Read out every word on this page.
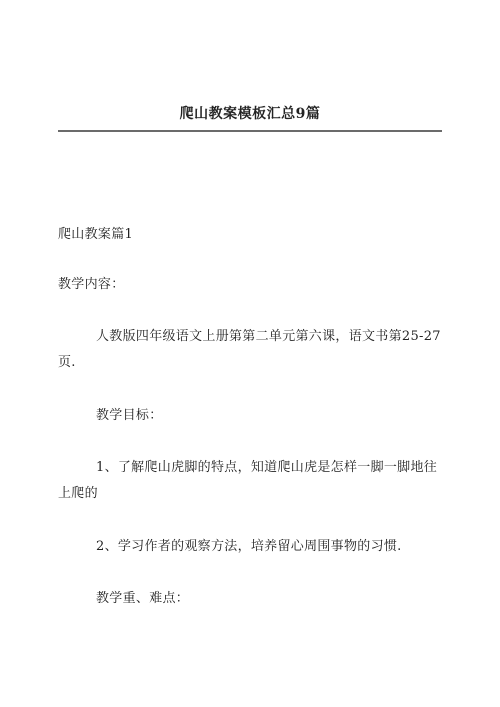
爬山教案模板汇总9篇

爬山教案篇1

教学内容：

人教版四年级语文上册第第二单元第六课，语文书第25-27页.

教学目标：

1、了解爬山虎脚的特点，知道爬山虎是怎样一脚一脚地往上爬的

2、学习作者的观察方法，培养留心周围事物的习惯.

教学重、难点：
